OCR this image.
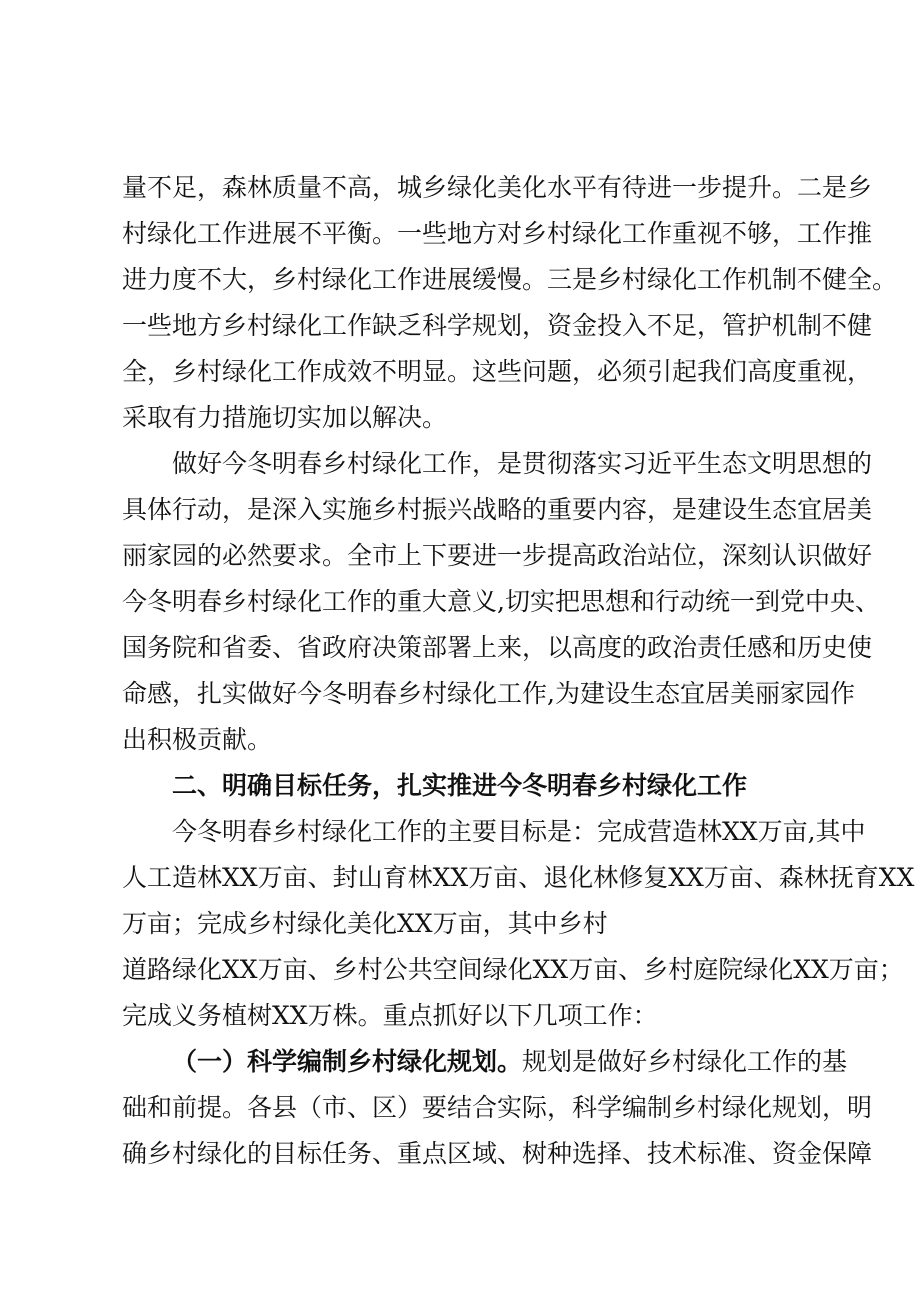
量不足，森林质量不高，城乡绿化美化水平有待进一步提升。二是乡
村绿化工作进展不平衡。一些地方对乡村绿化工作重视不够，工作推
进力度不大，乡村绿化工作进展缓慢。三是乡村绿化工作机制不健全。
一些地方乡村绿化工作缺乏科学规划，资金投入不足，管护机制不健
全，乡村绿化工作成效不明显。这些问题，必须引起我们高度重视，
采取有力措施切实加以解决。
做好今冬明春乡村绿化工作，是贯彻落实习近平生态文明思想的
具体行动，是深入实施乡村振兴战略的重要内容，是建设生态宜居美
丽家园的必然要求。全市上下要进一步提高政治站位，深刻认识做好
今冬明春乡村绿化工作的重大意义,切实把思想和行动统一到党中央、
国务院和省委、省政府决策部署上来，以高度的政治责任感和历史使
命感，扎实做好今冬明春乡村绿化工作,为建设生态宜居美丽家园作
出积极贡献。
二、明确目标任务，扎实推进今冬明春乡村绿化工作
今冬明春乡村绿化工作的主要目标是：完成营造林XX万亩,其中
人工造林XX万亩、封山育林XX万亩、退化林修复XX万亩、森林抚育XX
万亩；完成乡村绿化美化XX万亩，其中乡村
道路绿化XX万亩、乡村公共空间绿化XX万亩、乡村庭院绿化XX万亩；
完成义务植树XX万株。重点抓好以下几项工作：
（一）科学编制乡村绿化规划。规划是做好乡村绿化工作的基
础和前提。各县（市、区）要结合实际，科学编制乡村绿化规划，明
确乡村绿化的目标任务、重点区域、树种选择、技术标准、资金保障
